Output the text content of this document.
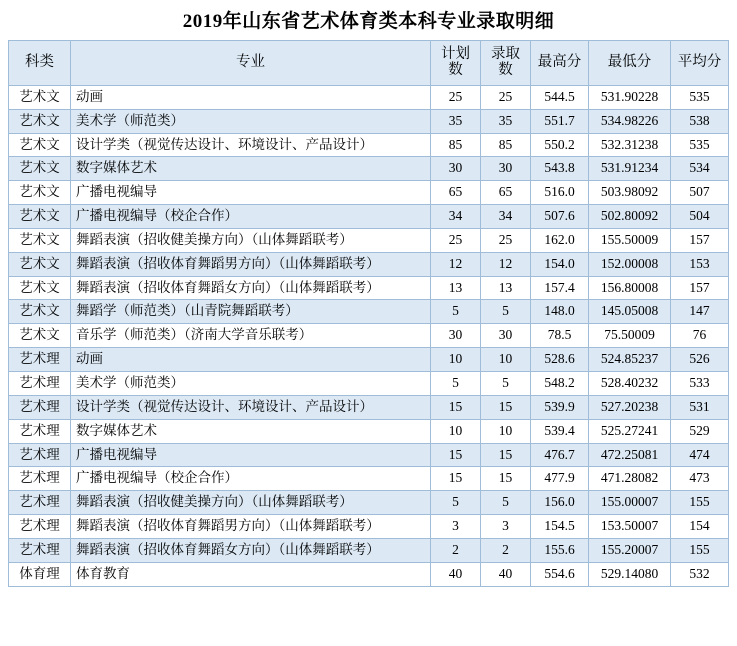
2019年山东省艺术体育类本科专业录取明细
科类	专业	计划数	录取数	最高分	最低分	平均分
艺术文	动画	25	25	544.5	531.90228	535
艺术文	美术学（师范类）	35	35	551.7	534.98226	538
艺术文	设计学类（视觉传达设计、环境设计、产品设计）	85	85	550.2	532.31238	535
艺术文	数字媒体艺术	30	30	543.8	531.91234	534
艺术文	广播电视编导	65	65	516.0	503.98092	507
艺术文	广播电视编导（校企合作）	34	34	507.6	502.80092	504
艺术文	舞蹈表演（招收健美操方向）（山体舞蹈联考）	25	25	162.0	155.50009	157
艺术文	舞蹈表演（招收体育舞蹈男方向）（山体舞蹈联考）	12	12	154.0	152.00008	153
艺术文	舞蹈表演（招收体育舞蹈女方向）（山体舞蹈联考）	13	13	157.4	156.80008	157
艺术文	舞蹈学（师范类）（山青院舞蹈联考）	5	5	148.0	145.05008	147
艺术文	音乐学（师范类）（济南大学音乐联考）	30	30	78.5	75.50009	76
艺术理	动画	10	10	528.6	524.85237	526
艺术理	美术学（师范类）	5	5	548.2	528.40232	533
艺术理	设计学类（视觉传达设计、环境设计、产品设计）	15	15	539.9	527.20238	531
艺术理	数字媒体艺术	10	10	539.4	525.27241	529
艺术理	广播电视编导	15	15	476.7	472.25081	474
艺术理	广播电视编导（校企合作）	15	15	477.9	471.28082	473
艺术理	舞蹈表演（招收健美操方向）（山体舞蹈联考）	5	5	156.0	155.00007	155
艺术理	舞蹈表演（招收体育舞蹈男方向）（山体舞蹈联考）	3	3	154.5	153.50007	154
艺术理	舞蹈表演（招收体育舞蹈女方向）（山体舞蹈联考）	2	2	155.6	155.20007	155
体育理	体育教育	40	40	554.6	529.14080	532
